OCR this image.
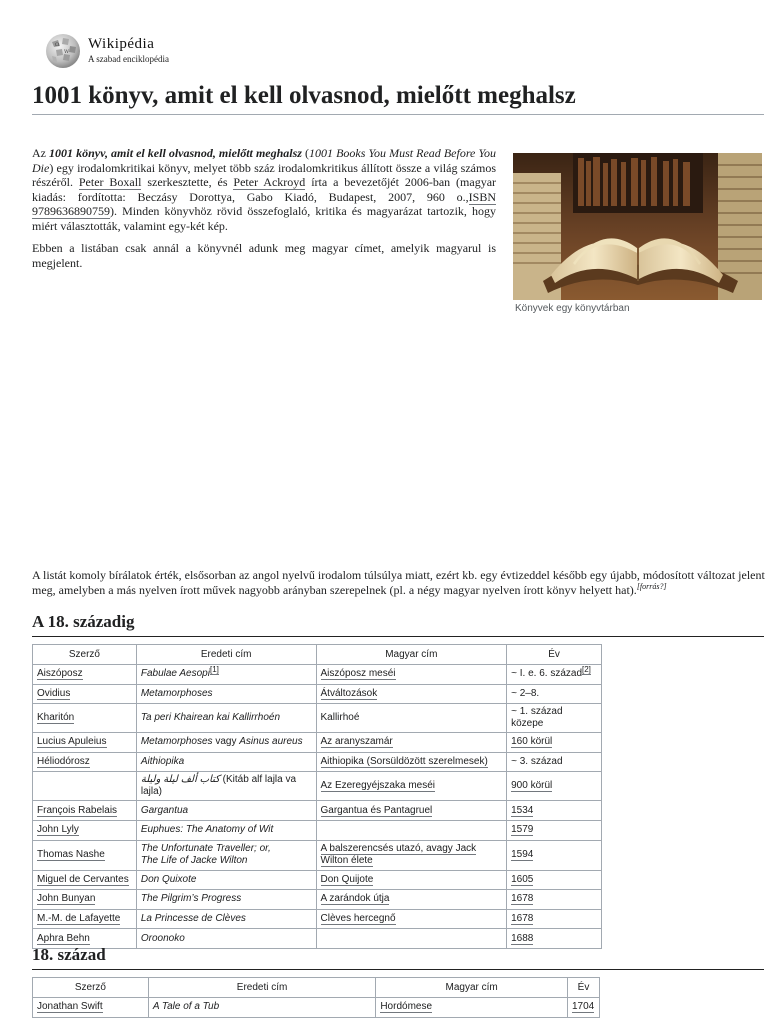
Ω
W Wikipédia
A szabad enciklopédia
1001 könyv, amit el kell olvasnod, mielőtt meghalsz

Az 1001 könyv, amit el kell olvasnod, mielőtt meghalsz (1001 Books You Must Read Before You Die) egy irodalomkritikai könyv, melyet több száz irodalomkritikus állított össze a világ számos részéről. Peter Boxall szerkesztette, és Peter Ackroyd írta a bevezetőjét 2006-ban (magyar kiadás: fordította: Beczásy Dorottya, Gabo Kiadó, Budapest, 2007, 960 o.,ISBN 9789636890759). Minden könyvhöz rövid összefoglaló, kritika és magyarázat tartozik, hogy miért választották, valamint egy-két kép.

Ebben a listában csak annál a könyvnél adunk meg magyar címet, amelyik magyarul is megjelent.

Könyvek egy könyvtárban
A listát komoly bírálatok érték, elsősorban az angol nyelvű irodalom túlsúlya miatt, ezért kb. egy évtizeddel később egy újabb, módosított változat jelent meg, amelyben a más nyelven írott művek nagyobb arányban szerepelnek (pl. a négy magyar nyelven írott könyv helyett hat).[forrás?]
A 18. századig
Szerző	Eredeti cím	Magyar cím	Év
Aiszóposz	Fabulae Aesopi[1]	Aiszóposz meséi	~ I. e. 6. század[2]
Ovidius	Metamorphoses	Átváltozások	~ 2–8.
Kharitón	Ta peri Khairean kai Kallirrhoén	Kallirhoé	~ 1. század közepe
Lucius Apuleius	Metamorphoses vagy Asinus aureus	Az aranyszamár	160 körül
Héliodórosz	Aithiopika	Aithiopika (Sorsüldözött szerelmesek)	~ 3. század
	كتاب ألف ليلة وليلة (Kitáb alf lajla va lajla)	Az Ezeregyéjszaka meséi	900 körül
François Rabelais	Gargantua	Gargantua és Pantagruel	1534
John Lyly	Euphues: The Anatomy of Wit		1579
Thomas Nashe	The Unfortunate Traveller; or,
The Life of Jacke Wilton	A balszerencsés utazó, avagy Jack Wilton élete	1594
Miguel de Cervantes	Don Quixote	Don Quijote	1605
John Bunyan	The Pilgrim’s Progress	A zarándok útja	1678
M.-M. de Lafayette	La Princesse de Clèves	Clèves hercegnő	1678
Aphra Behn	Oroonoko		1688
18. század
Szerző	Eredeti cím	Magyar cím	Év
Jonathan Swift	A Tale of a Tub	Hordómese	1704
